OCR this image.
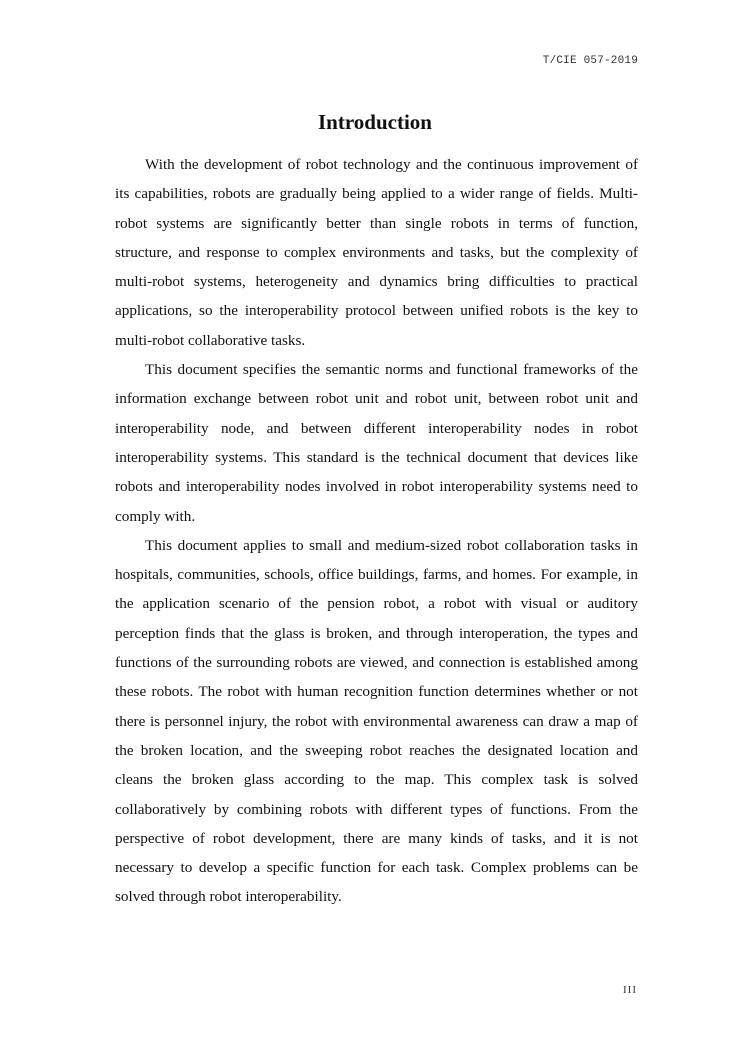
T/CIE 057-2019
Introduction

With the development of robot technology and the continuous improvement of its capabilities, robots are gradually being applied to a wider range of fields. Multi-robot systems are significantly better than single robots in terms of function, structure, and response to complex environments and tasks, but the complexity of multi-robot systems, heterogeneity and dynamics bring difficulties to practical applications, so the interoperability protocol between unified robots is the key to multi-robot collaborative tasks.

This document specifies the semantic norms and functional frameworks of the information exchange between robot unit and robot unit, between robot unit and interoperability node, and between different interoperability nodes in robot interoperability systems. This standard is the technical document that devices like robots and interoperability nodes involved in robot interoperability systems need to comply with.

This document applies to small and medium-sized robot collaboration tasks in hospitals, communities, schools, office buildings, farms, and homes. For example, in the application scenario of the pension robot, a robot with visual or auditory perception finds that the glass is broken, and through interoperation, the types and functions of the surrounding robots are viewed, and connection is established among these robots. The robot with human recognition function determines whether or not there is personnel injury, the robot with environmental awareness can draw a map of the broken location, and the sweeping robot reaches the designated location and cleans the broken glass according to the map. This complex task is solved collaboratively by combining robots with different types of functions. From the perspective of robot development, there are many kinds of tasks, and it is not necessary to develop a specific function for each task. Complex problems can be solved through robot interoperability.

III
